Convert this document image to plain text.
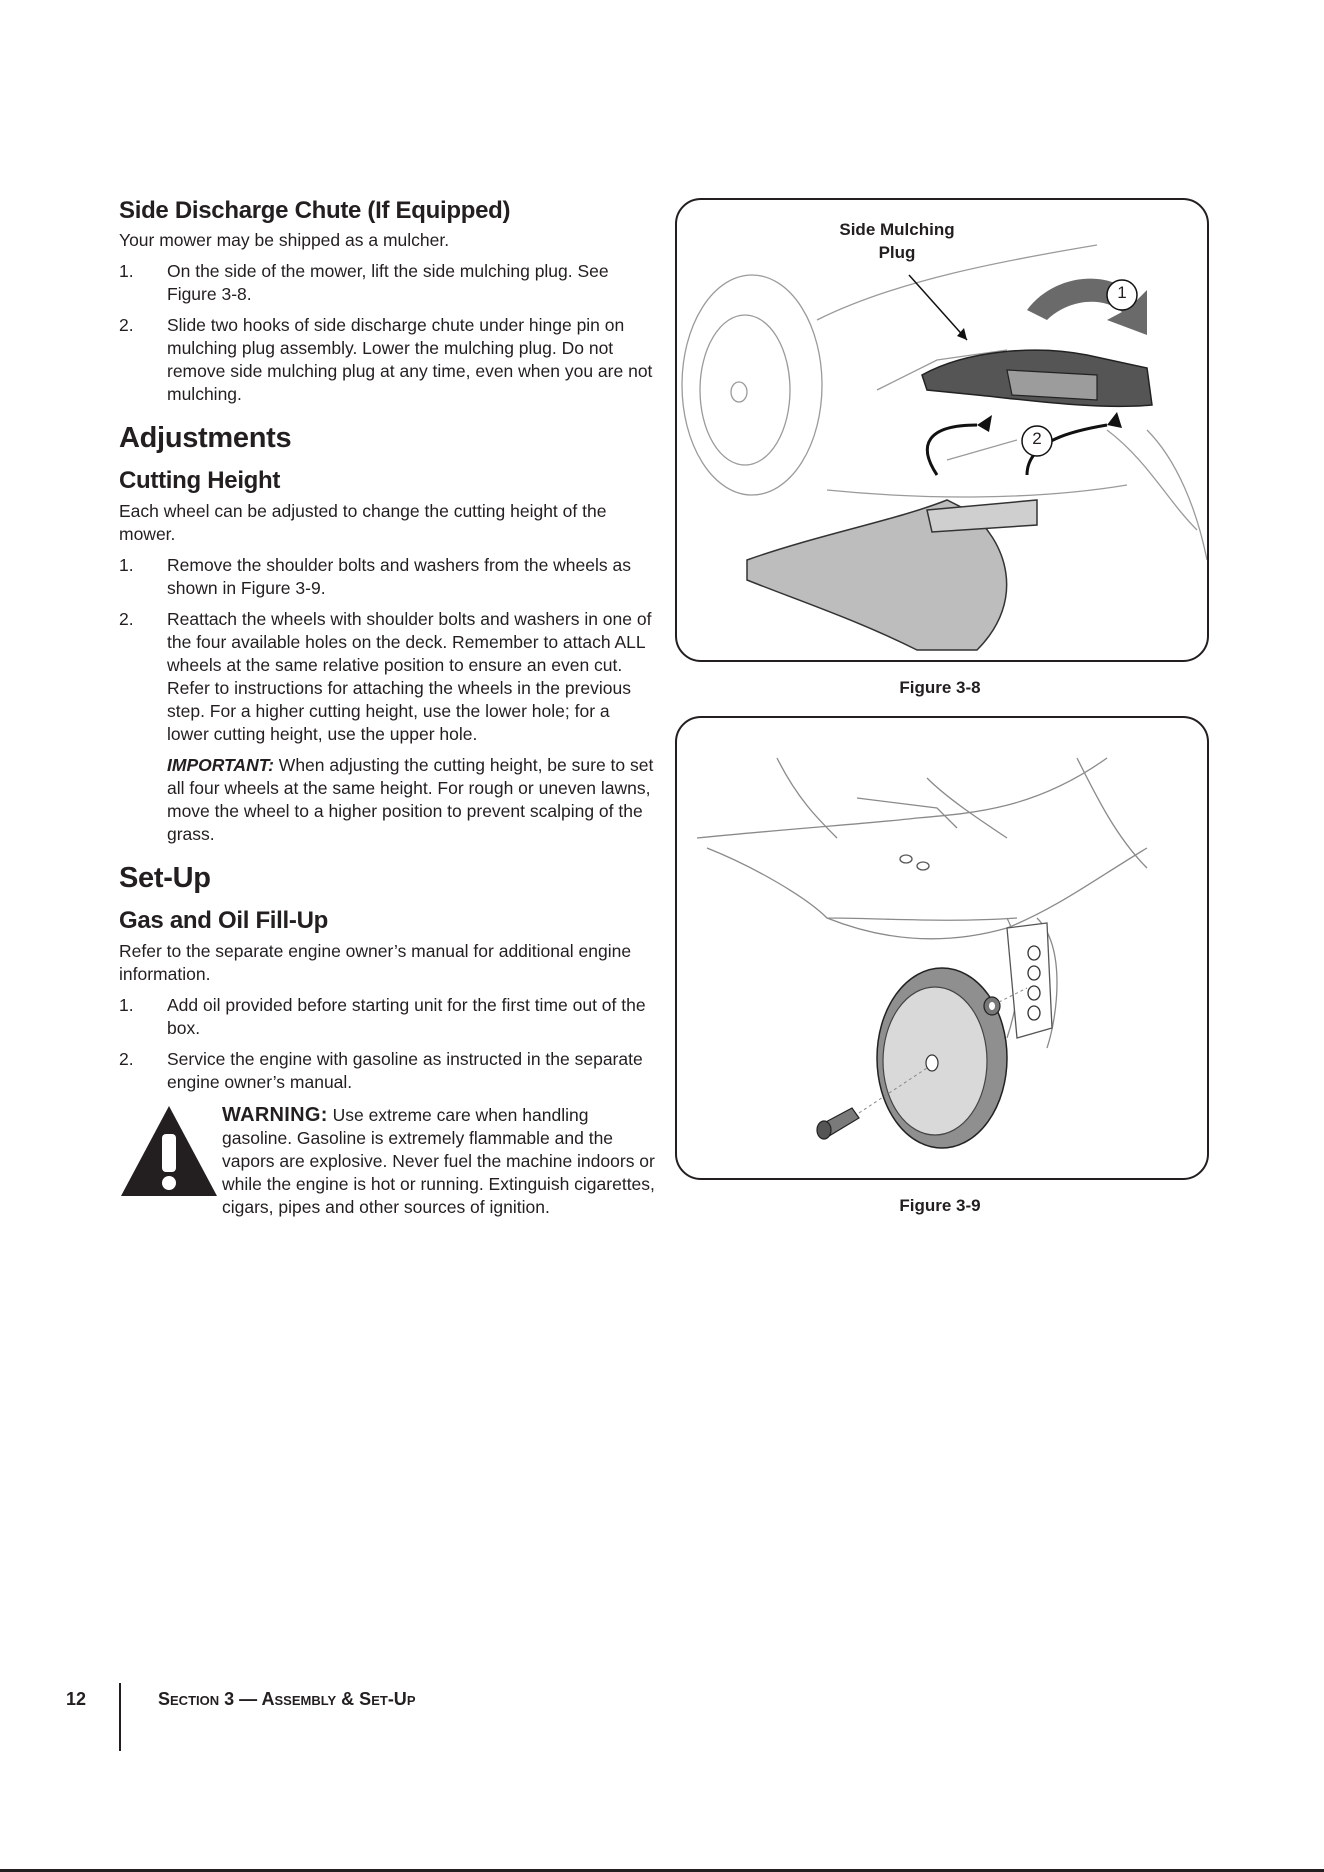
Side Discharge Chute (If Equipped)

Your mower may be shipped as a mulcher.

1.	On the side of the mower, lift the side mulching plug. See Figure 3-8.
2.	Slide two hooks of side discharge chute under hinge pin on mulching plug assembly. Lower the mulching plug. Do not remove side mulching plug at any time, even when you are not mulching.
Adjustments
Cutting Height

Each wheel can be adjusted to change the cutting height of the mower.

1.	Remove the shoulder bolts and washers from the wheels as shown in Figure 3-9.
2.	Reattach the wheels with shoulder bolts and washers in one of the four available holes on the deck. Remember to attach ALL wheels at the same relative position to ensure an even cut. Refer to instructions for attaching the wheels in the previous step. For a higher cutting height, use the lower hole; for a lower cutting height, use the upper hole.
IMPORTANT: When adjusting the cutting height, be sure to set all four wheels at the same height. For rough or uneven lawns, move the wheel to a higher position to prevent scalping of the grass.
Set-Up
Gas and Oil Fill-Up

Refer to the separate engine owner’s manual for additional engine information.

1.	Add oil provided before starting unit for the first time out of the box.
2.	Service the engine with gasoline as instructed in the separate engine owner’s manual.
WARNING: Use extreme care when handling gasoline. Gasoline is extremely flammable and the vapors are explosive. Never fuel the machine indoors or while the engine is hot or running. Extinguish cigarettes, cigars, pipes and other sources of ignition.
Side Mulching
Plug
1
2
Figure 3-8
Figure 3-9
12	SECTION 3 — ASSEMBLY & SET-UP
